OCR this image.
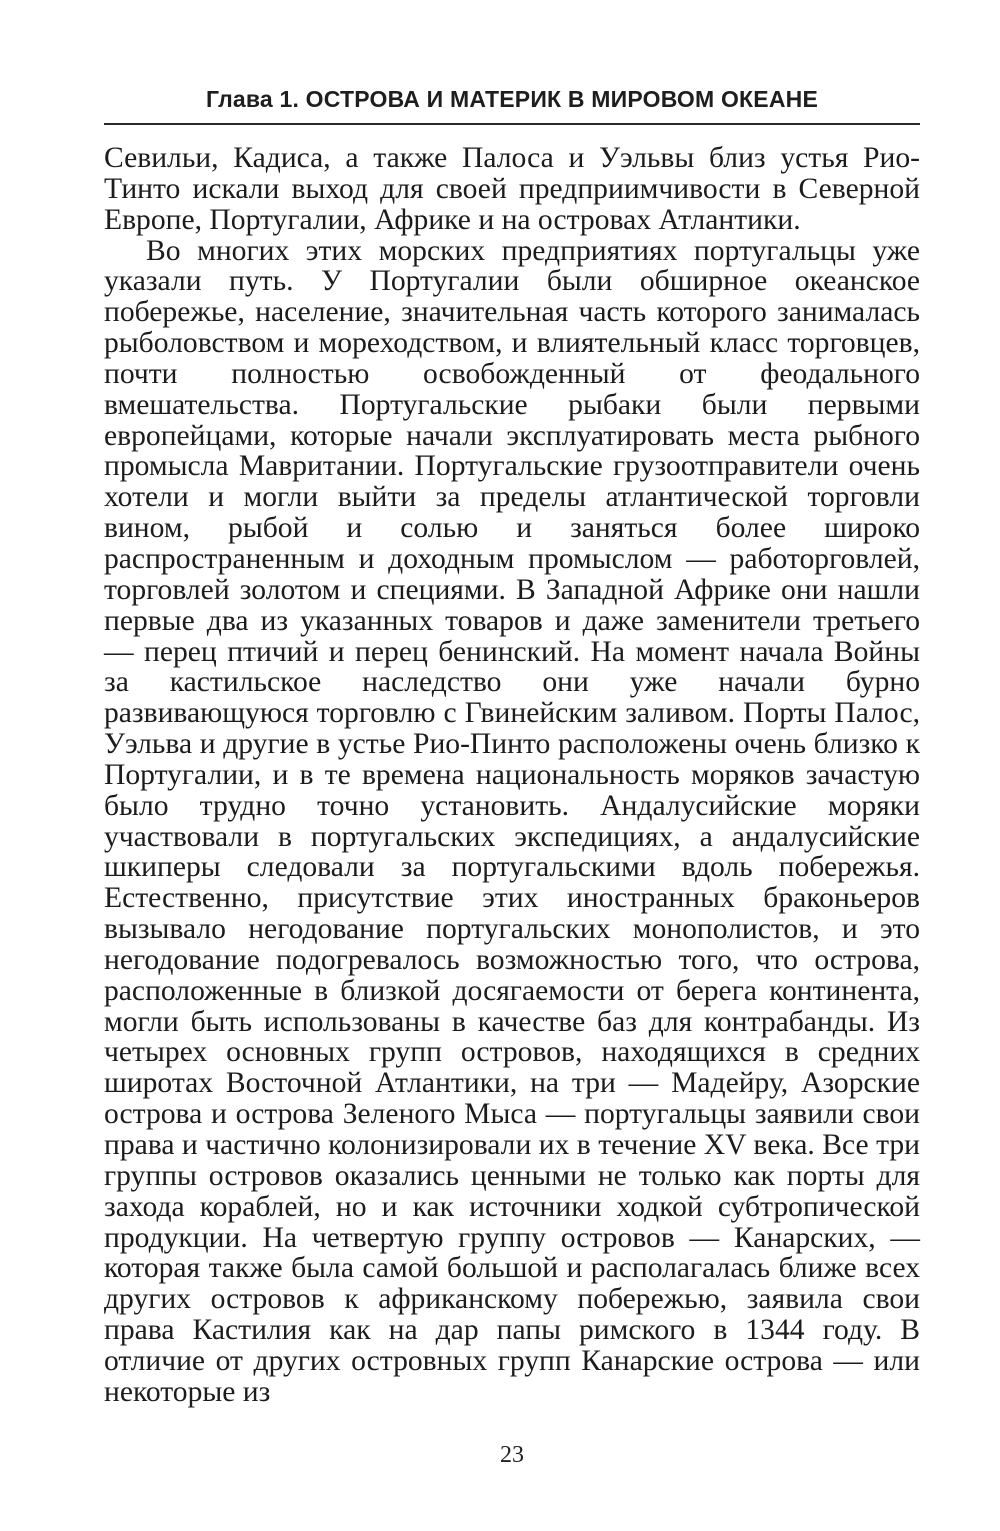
Глава 1. ОСТРОВА И МАТЕРИК В МИРОВОМ ОКЕАНЕ

Севильи, Кадиса, а также Палоса и Уэльвы близ устья Рио-Тинто искали выход для своей предприимчивости в Северной Европе, Португалии, Африке и на островах Атлантики.

Во многих этих морских предприятиях португальцы уже указали путь. У Португалии были обширное океанское побережье, население, значительная часть которого занималась рыболовством и мореходством, и влиятельный класс торговцев, почти полностью освобожденный от феодального вмешательства. Португальские рыбаки были первыми европейцами, которые начали эксплуатировать места рыбного промысла Мавритании. Португальские грузоотправители очень хотели и могли выйти за пределы атлантической торговли вином, рыбой и солью и заняться более широко распространенным и доходным промыслом — работорговлей, торговлей золотом и специями. В Западной Африке они нашли первые два из указанных товаров и даже заменители третьего — перец птичий и перец бенинский. На момент начала Войны за кастильское наследство они уже начали бурно развивающуюся торговлю с Гвинейским заливом. Порты Палос, Уэльва и другие в устье Рио-Пинто расположены очень близко к Португалии, и в те времена национальность моряков зачастую было трудно точно установить. Андалусийские моряки участвовали в португальских экспедициях, а андалусийские шкиперы следовали за португальскими вдоль побережья. Естественно, присутствие этих иностранных браконьеров вызывало негодование португальских монополистов, и это негодование подогревалось возможностью того, что острова, расположенные в близкой досягаемости от берега континента, могли быть использованы в качестве баз для контрабанды. Из четырех основных групп островов, находящихся в средних широтах Восточной Атлантики, на три — Мадейру, Азорские острова и острова Зеленого Мыса — португальцы заявили свои права и частично колонизировали их в течение XV века. Все три группы островов оказались ценными не только как порты для захода кораблей, но и как источники ходкой субтропической продукции. На четвертую группу островов — Канарских, — которая также была самой большой и располагалась ближе всех других островов к африканскому побережью, заявила свои права Кастилия как на дар папы римского в 1344 году. В отличие от других островных групп Канарские острова — или некоторые из

23
